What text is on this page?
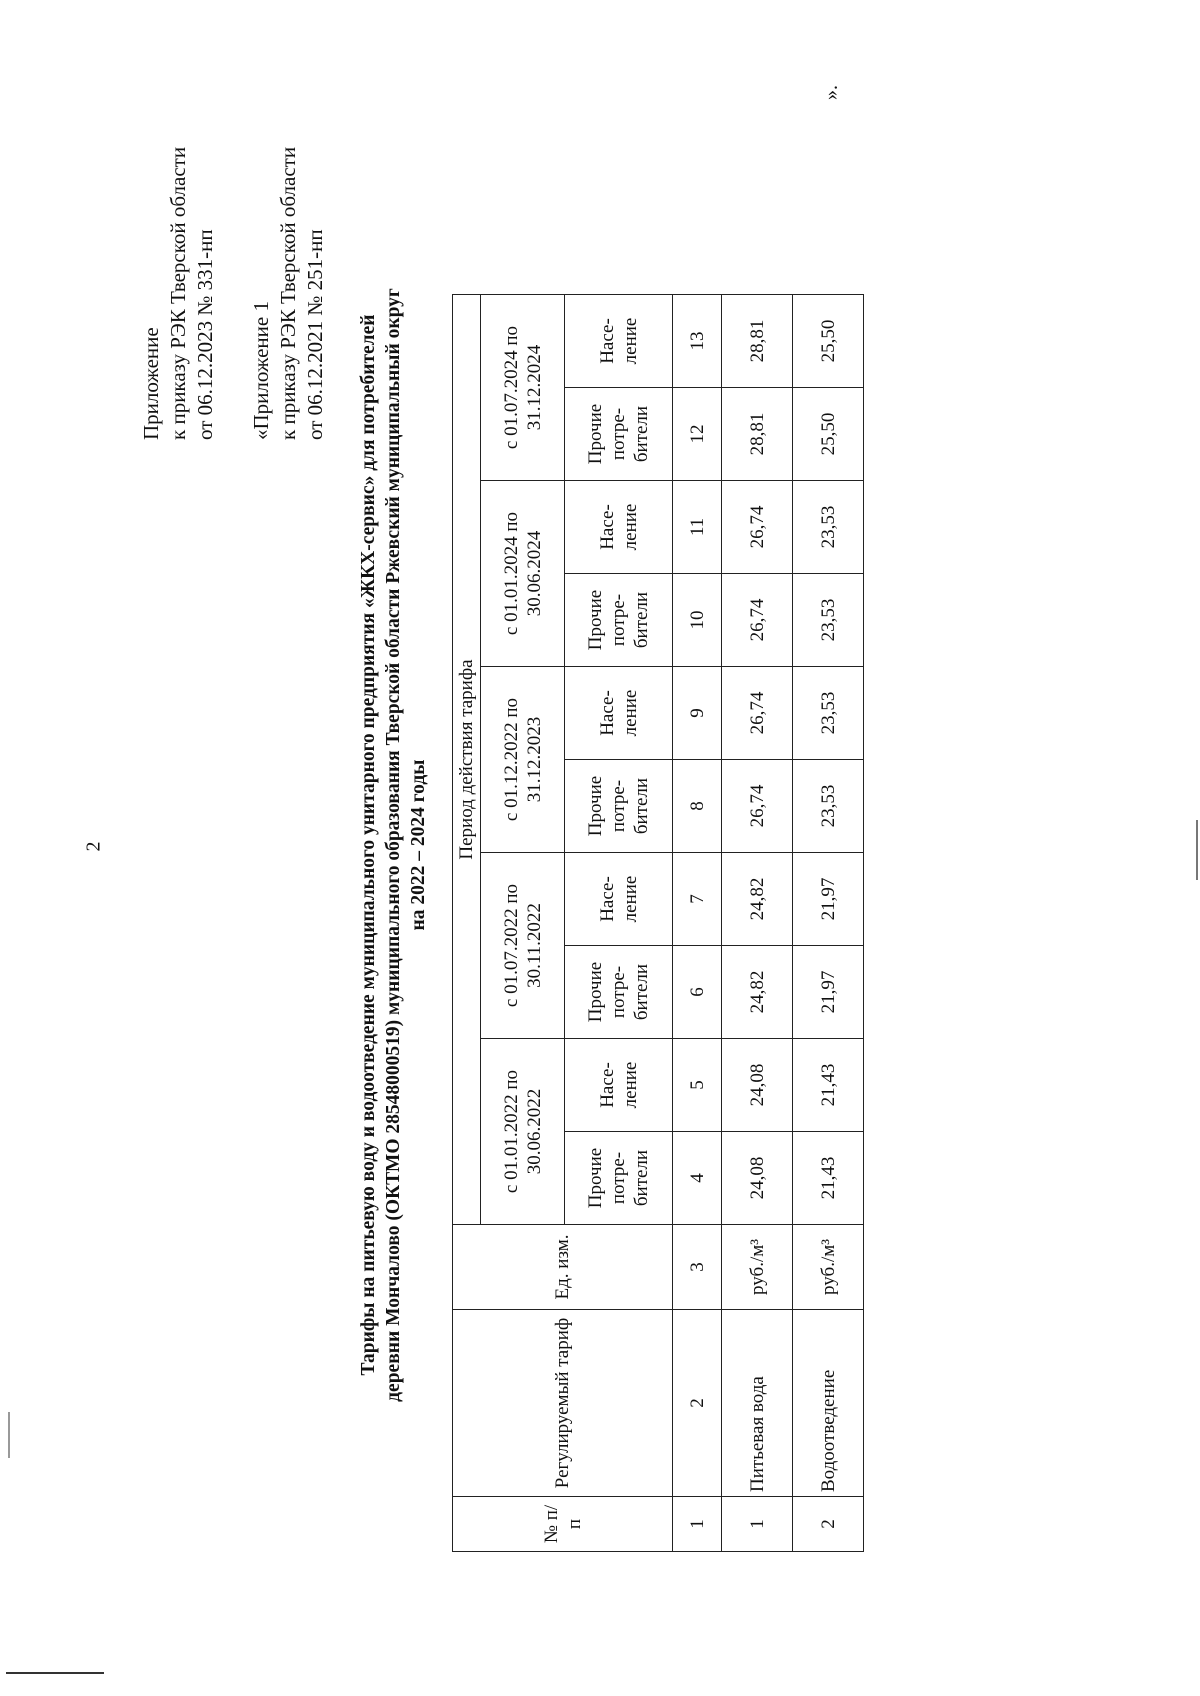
2
Приложение к приказу РЭК Тверской области от 06.12.2023 № 331-нп «Приложение 1 к приказу РЭК Тверской области от 06.12.2021 № 251-нп Тарифы на питьевую воду и водоотведение муниципального унитарного предприятия «ЖКХ-сервис» для потребителей деревни Мончалово (ОКТМО 28548000519) муниципального образования Тверской области Ржевский муниципальный округ на 2022 – 2024 годы
№ п/п	Регулируемый тариф	Ед. изм.	Период действия тарифа									
			с 01.01.2022 по 30.06.2022		с 01.07.2022 по 30.11.2022		с 01.12.2022 по 31.12.2023		с 01.01.2024 по 30.06.2024		с 01.07.2024 по 31.12.2024	
			Прочие потре- бители	Насе- ление	Прочие потре- бители	Насе- ление	Прочие потре- бители	Насе- ление	Прочие потре- бители	Насе- ление	Прочие потре- бители	Насе- ление
1	2	3	4	5	6	7	8	9	10	11	12	13
1	Питьевая вода	руб./м³	24,08	24,08	24,82	24,82	26,74	26,74	26,74	26,74	28,81	28,81
2	Водоотведение	руб./м³	21,43	21,43	21,97	21,97	23,53	23,53	23,53	23,53	25,50	25,50
».
